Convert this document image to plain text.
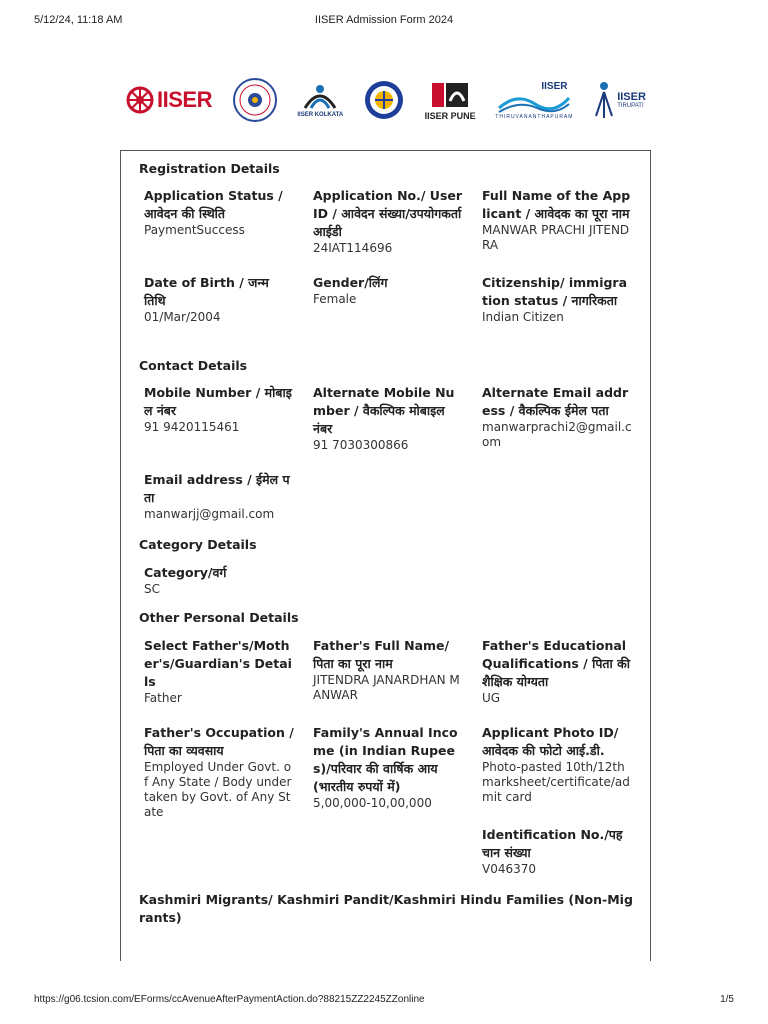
5/12/24, 11:18 AM	IISER Admission Form 2024
IISER
IISER KOLKATA	IISER PUNE
IISER
THIRUVANANTHAPURAM
IISER
TIRUPATI
Registration Details
Application Status / आवेदन की स्थिति
PaymentSuccess
Application No./ User ID / आवेदन संख्या/उपयोगकर्ता आईडी
24IAT114696
Full Name of the Applicant / आवेदक का पूरा नाम
MANWAR PRACHI JITENDRA
Date of Birth / जन्म तिथि
01/Mar/2004
Gender/लिंग
Female
Citizenship/ immigration status / नागरिकता
Indian Citizen
Contact Details
Mobile Number / मोबाइल नंबर
91 9420115461
Alternate Mobile Number / वैकल्पिक मोबाइल नंबर
91 7030300866
Alternate Email address / वैकल्पिक ईमेल पता
manwarprachi2@gmail.com
Email address / ईमेल पता
manwarjj@gmail.com
Category Details
Category/वर्ग
SC
Other Personal Details
Select Father's/Mother's/Guardian's Details
Father
Father's Full Name/ पिता का पूरा नाम
JITENDRA JANARDHAN MANWAR
Father's Educational Qualifications / पिता की शैक्षिक योग्यता
UG
Father's Occupation / पिता का व्यवसाय
Employed Under Govt. of Any State / Body undertaken by Govt. of Any State
Family's Annual Income (in Indian Rupees)/परिवार की वार्षिक आय (भारतीय रुपयों में)
5,00,000-10,00,000
Applicant Photo ID/ आवेदक की फोटो आई.डी.
Photo-pasted 10th/12th marksheet/certificate/admit card
Identification No./पहचान संख्या
V046370
Kashmiri Migrants/ Kashmiri Pandit/Kashmiri Hindu Families (Non-Migrants)
https://g06.tcsion.com/EForms/ccAvenueAfterPaymentAction.do?88215ZZ2245ZZonline	1/5
